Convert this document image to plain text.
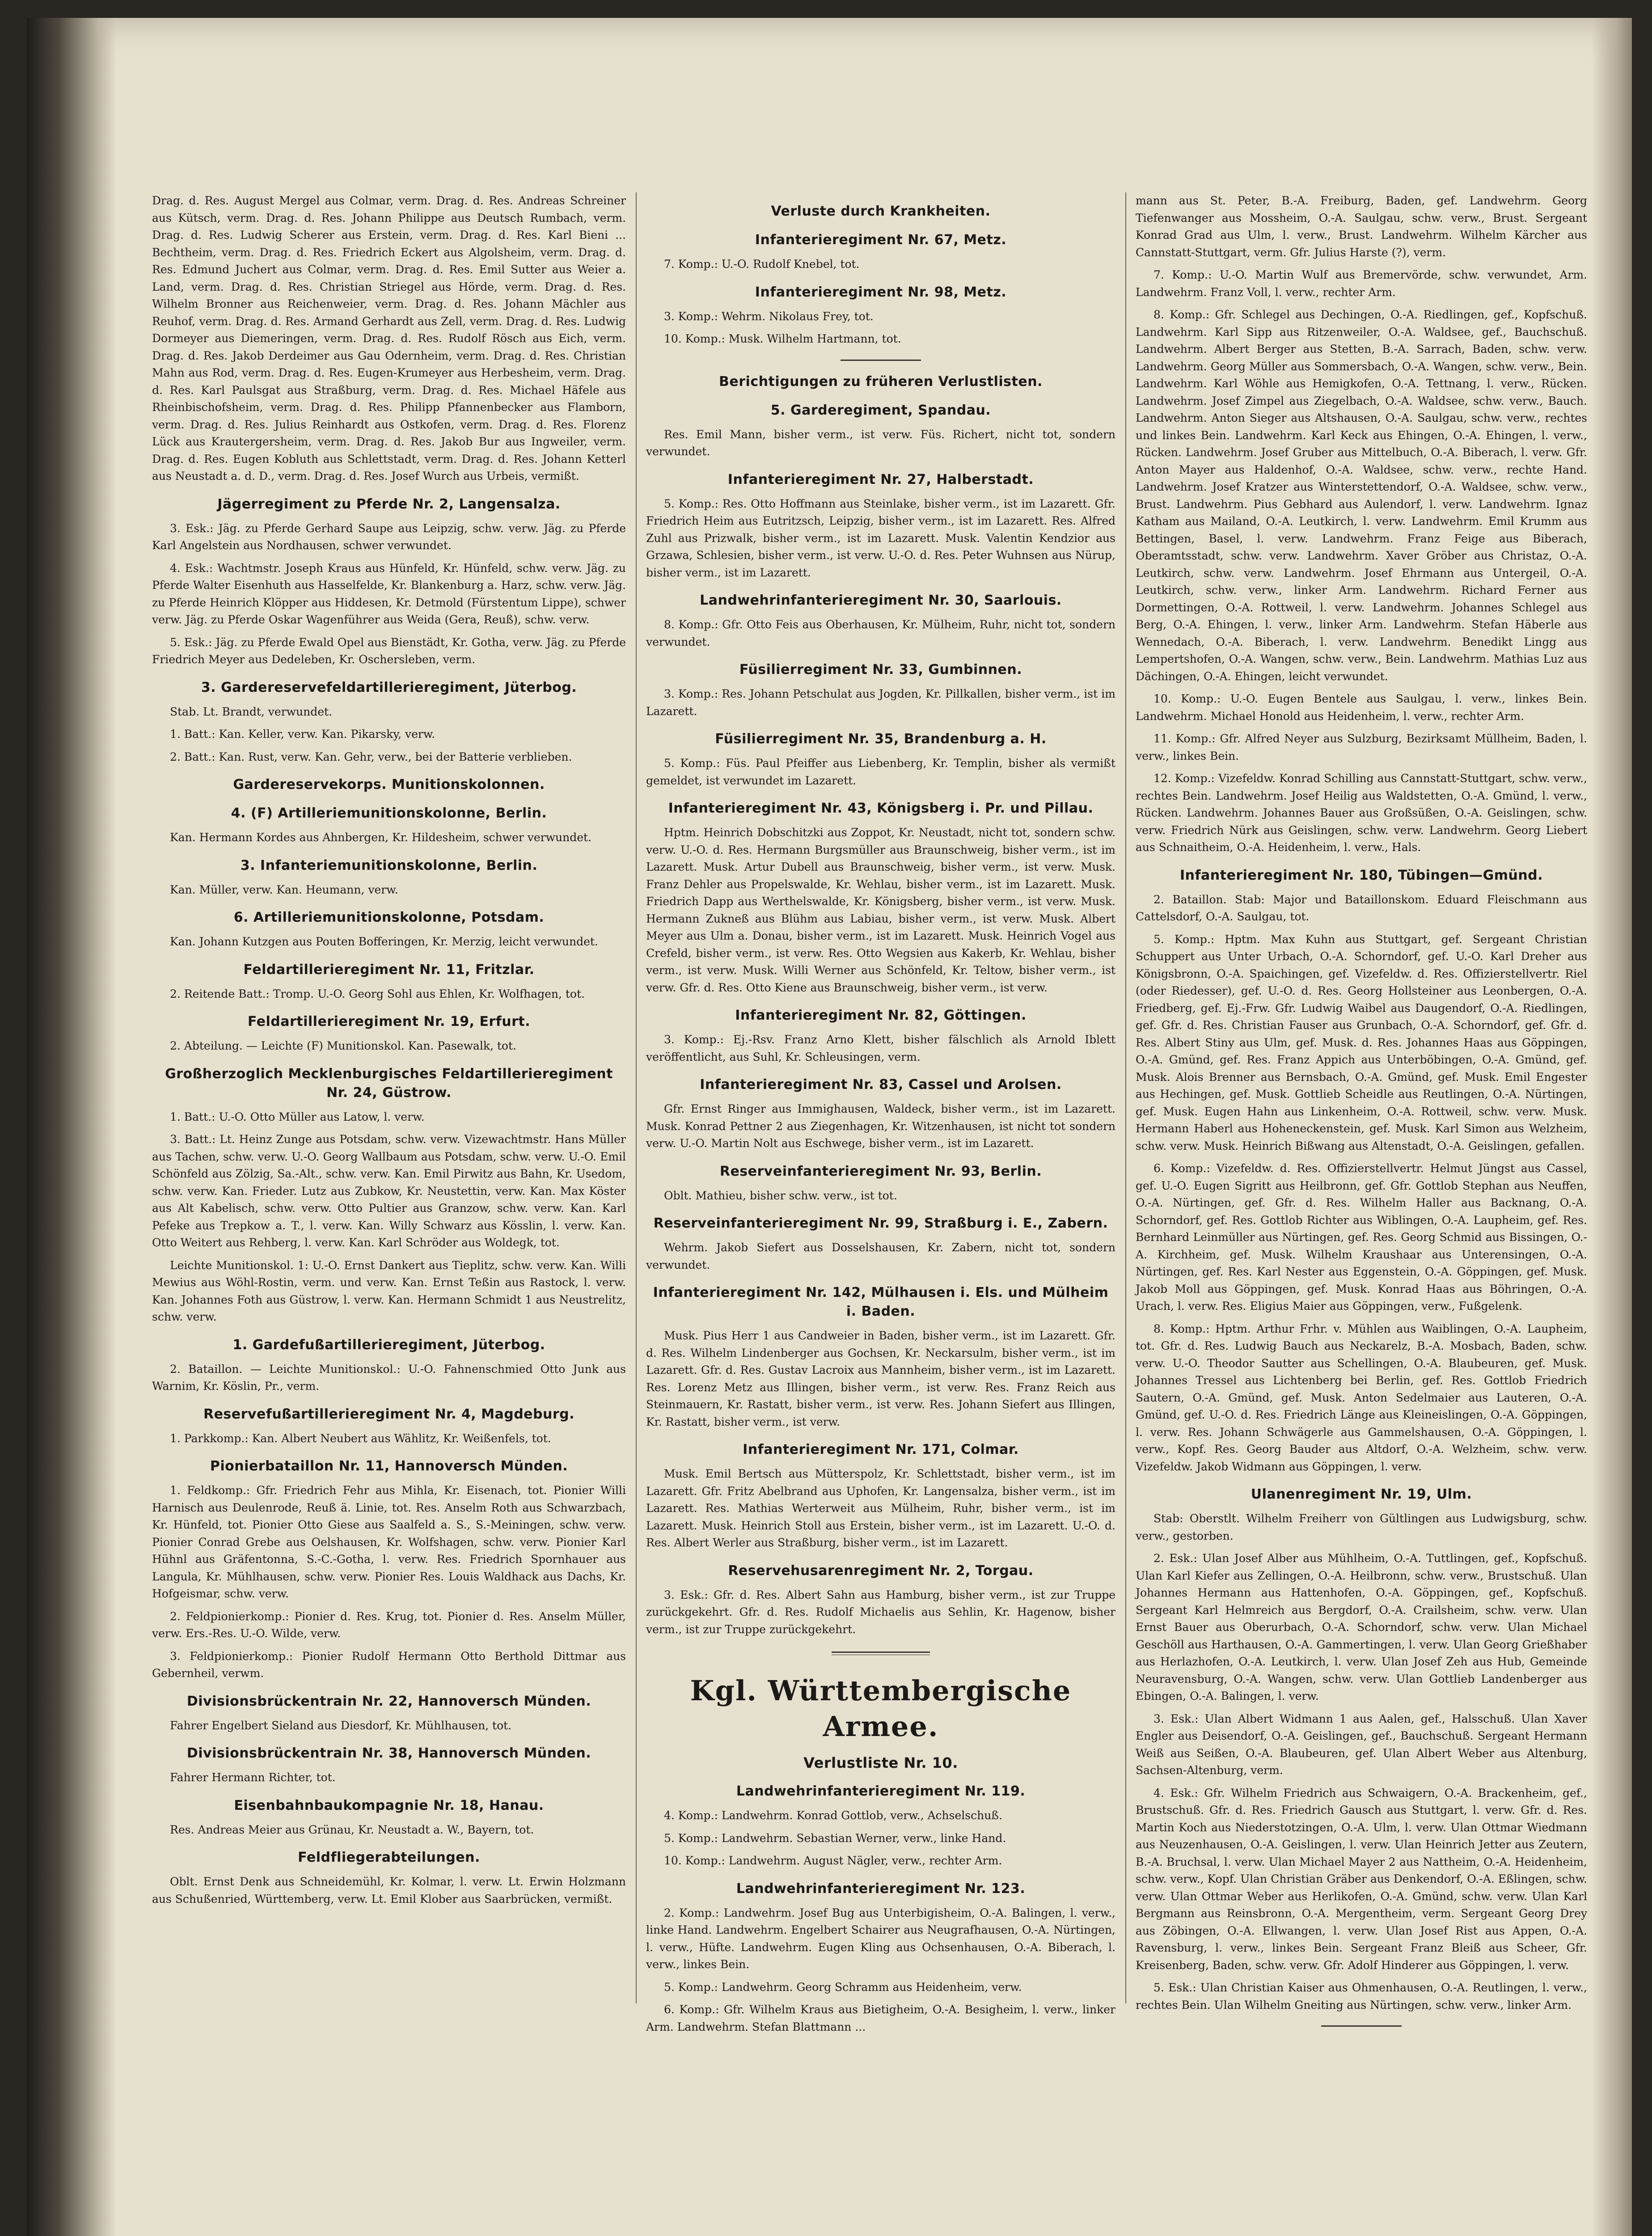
Drag. d. Res. August Mergel aus Colmar, verm. Drag. d. Res. Andreas Schreiner aus Kütsch, verm. Drag. d. Res. Johann Philippe aus Deutsch Rumbach, verm. Drag. d. Res. Ludwig Scherer aus Erstein, verm. Drag. d. Res. Karl Bieni ... Bechtheim, verm. Drag. d. Res. Friedrich Eckert aus Algolsheim, verm. Drag. d. Res. Edmund Juchert aus Colmar, verm. Drag. d. Res. Emil Sutter aus Weier a. Land, verm. Drag. d. Res. Christian Striegel aus Hörde, verm. Drag. d. Res. Wilhelm Bronner aus Reichenweier, verm. Drag. d. Res. Johann Mächler aus Reuhof, verm. Drag. d. Res. Armand Gerhardt aus Zell, verm. Drag. d. Res. Ludwig Dormeyer aus Diemeringen, verm. Drag. d. Res. Rudolf Rösch aus Eich, verm. Drag. d. Res. Jakob Derdeimer aus Gau Odernheim, verm. Drag. d. Res. Christian Mahn aus Rod, verm. Drag. d. Res. Eugen-Krumeyer aus Herbesheim, verm. Drag. d. Res. Karl Paulsgat aus Straßburg, verm. Drag. d. Res. Michael Häfele aus Rheinbischofsheim, verm. Drag. d. Res. Philipp Pfannenbecker aus Flamborn, verm. Drag. d. Res. Julius Reinhardt aus Ostkofen, verm. Drag. d. Res. Florenz Lück aus Krautergersheim, verm. Drag. d. Res. Jakob Bur aus Ingweiler, verm. Drag. d. Res. Eugen Kobluth aus Schlettstadt, verm. Drag. d. Res. Johann Ketterl aus Neustadt a. d. D., verm. Drag. d. Res. Josef Wurch aus Urbeis, vermißt.

Jägerregiment zu Pferde Nr. 2, Langensalza.

3. Esk.: Jäg. zu Pferde Gerhard Saupe aus Leipzig, schw. verw. Jäg. zu Pferde Karl Angelstein aus Nordhausen, schwer verwundet.

4. Esk.: Wachtmstr. Joseph Kraus aus Hünfeld, Kr. Hünfeld, schw. verw. Jäg. zu Pferde Walter Eisenhuth aus Hasselfelde, Kr. Blankenburg a. Harz, schw. verw. Jäg. zu Pferde Heinrich Klöpper aus Hiddesen, Kr. Detmold (Fürstentum Lippe), schwer verw. Jäg. zu Pferde Oskar Wagenführer aus Weida (Gera, Reuß), schw. verw.

5. Esk.: Jäg. zu Pferde Ewald Opel aus Bienstädt, Kr. Gotha, verw. Jäg. zu Pferde Friedrich Meyer aus Dedeleben, Kr. Oschersleben, verm.

3. Gardereservefeldartillerieregiment, Jüterbog.

Stab. Lt. Brandt, verwundet.

1. Batt.: Kan. Keller, verw. Kan. Pikarsky, verw.

2. Batt.: Kan. Rust, verw. Kan. Gehr, verw., bei der Batterie verblieben.

Gardereservekorps. Munitionskolonnen.
4. (F) Artilleriemunitionskolonne, Berlin.

Kan. Hermann Kordes aus Ahnbergen, Kr. Hildesheim, schwer verwundet.

3. Infanteriemunitionskolonne, Berlin.

Kan. Müller, verw. Kan. Heumann, verw.

6. Artilleriemunitionskolonne, Potsdam.

Kan. Johann Kutzgen aus Pouten Bofferingen, Kr. Merzig, leicht verwundet.

Feldartillerieregiment Nr. 11, Fritzlar.

2. Reitende Batt.: Tromp. U.-O. Georg Sohl aus Ehlen, Kr. Wolfhagen, tot.

Feldartillerieregiment Nr. 19, Erfurt.

2. Abteilung. — Leichte (F) Munitionskol. Kan. Pasewalk, tot.

Großherzoglich Mecklenburgisches Feldartillerieregiment Nr. 24, Güstrow.

1. Batt.: U.-O. Otto Müller aus Latow, l. verw.

3. Batt.: Lt. Heinz Zunge aus Potsdam, schw. verw. Vizewachtmstr. Hans Müller aus Tachen, schw. verw. U.-O. Georg Wallbaum aus Potsdam, schw. verw. U.-O. Emil Schönfeld aus Zölzig, Sa.-Alt., schw. verw. Kan. Emil Pirwitz aus Bahn, Kr. Usedom, schw. verw. Kan. Frieder. Lutz aus Zubkow, Kr. Neustettin, verw. Kan. Max Köster aus Alt Kabelisch, schw. verw. Otto Pultier aus Granzow, schw. verw. Kan. Karl Pefeke aus Trepkow a. T., l. verw. Kan. Willy Schwarz aus Kösslin, l. verw. Kan. Otto Weitert aus Rehberg, l. verw. Kan. Karl Schröder aus Woldegk, tot.

Leichte Munitionskol. 1: U.-O. Ernst Dankert aus Tieplitz, schw. verw. Kan. Willi Mewius aus Wöhl-Rostin, verm. und verw. Kan. Ernst Teßin aus Rastock, l. verw. Kan. Johannes Foth aus Güstrow, l. verw. Kan. Hermann Schmidt 1 aus Neustrelitz, schw. verw.

1. Gardefußartillerieregiment, Jüterbog.

2. Bataillon. — Leichte Munitionskol.: U.-O. Fahnenschmied Otto Junk aus Warnim, Kr. Köslin, Pr., verm.

Reservefußartillerieregiment Nr. 4, Magdeburg.

1. Parkkomp.: Kan. Albert Neubert aus Wählitz, Kr. Weißenfels, tot.

Pionierbataillon Nr. 11, Hannoversch Münden.

1. Feldkomp.: Gfr. Friedrich Fehr aus Mihla, Kr. Eisenach, tot. Pionier Willi Harnisch aus Deulenrode, Reuß ä. Linie, tot. Res. Anselm Roth aus Schwarzbach, Kr. Hünfeld, tot. Pionier Otto Giese aus Saalfeld a. S., S.-Meiningen, schw. verw. Pionier Conrad Grebe aus Oelshausen, Kr. Wolfshagen, schw. verw. Pionier Karl Hühnl aus Gräfentonna, S.-C.-Gotha, l. verw. Res. Friedrich Spornhauer aus Langula, Kr. Mühlhausen, schw. verw. Pionier Res. Louis Waldhack aus Dachs, Kr. Hofgeismar, schw. verw.

2. Feldpionierkomp.: Pionier d. Res. Krug, tot. Pionier d. Res. Anselm Müller, verw. Ers.-Res. U.-O. Wilde, verw.

3. Feldpionierkomp.: Pionier Rudolf Hermann Otto Berthold Dittmar aus Gebernheil, verwm.

Divisionsbrückentrain Nr. 22, Hannoversch Münden.

Fahrer Engelbert Sieland aus Diesdorf, Kr. Mühlhausen, tot.

Divisionsbrückentrain Nr. 38, Hannoversch Münden.

Fahrer Hermann Richter, tot.

Eisenbahnbaukompagnie Nr. 18, Hanau.

Res. Andreas Meier aus Grünau, Kr. Neustadt a. W., Bayern, tot.

Feldfliegerabteilungen.

Oblt. Ernst Denk aus Schneidemühl, Kr. Kolmar, l. verw. Lt. Erwin Holzmann aus Schußenried, Württemberg, verw. Lt. Emil Klober aus Saarbrücken, vermißt.

Verluste durch Krankheiten.
Infanterieregiment Nr. 67, Metz.

7. Komp.: U.-O. Rudolf Knebel, tot.

Infanterieregiment Nr. 98, Metz.

3. Komp.: Wehrm. Nikolaus Frey, tot.

10. Komp.: Musk. Wilhelm Hartmann, tot.

Berichtigungen zu früheren Verlustlisten.
5. Garderegiment, Spandau.

Res. Emil Mann, bisher verm., ist verw. Füs. Richert, nicht tot, sondern verwundet.

Infanterieregiment Nr. 27, Halberstadt.

5. Komp.: Res. Otto Hoffmann aus Steinlake, bisher verm., ist im Lazarett. Gfr. Friedrich Heim aus Eutritzsch, Leipzig, bisher verm., ist im Lazarett. Res. Alfred Zuhl aus Prizwalk, bisher verm., ist im Lazarett. Musk. Valentin Kendzior aus Grzawa, Schlesien, bisher verm., ist verw. U.-O. d. Res. Peter Wuhnsen aus Nürup, bisher verm., ist im Lazarett.

Landwehrinfanterieregiment Nr. 30, Saarlouis.

8. Komp.: Gfr. Otto Feis aus Oberhausen, Kr. Mülheim, Ruhr, nicht tot, sondern verwundet.

Füsilierregiment Nr. 33, Gumbinnen.

3. Komp.: Res. Johann Petschulat aus Jogden, Kr. Pillkallen, bisher verm., ist im Lazarett.

Füsilierregiment Nr. 35, Brandenburg a. H.

5. Komp.: Füs. Paul Pfeiffer aus Liebenberg, Kr. Templin, bisher als vermißt gemeldet, ist verwundet im Lazarett.

Infanterieregiment Nr. 43, Königsberg i. Pr. und Pillau.

Hptm. Heinrich Dobschitzki aus Zoppot, Kr. Neustadt, nicht tot, sondern schw. verw. U.-O. d. Res. Hermann Burgsmüller aus Braunschweig, bisher verm., ist im Lazarett. Musk. Artur Dubell aus Braunschweig, bisher verm., ist verw. Musk. Franz Dehler aus Propelswalde, Kr. Wehlau, bisher verm., ist im Lazarett. Musk. Friedrich Dapp aus Werthelswalde, Kr. Königsberg, bisher verm., ist verw. Musk. Hermann Zukneß aus Blühm aus Labiau, bisher verm., ist verw. Musk. Albert Meyer aus Ulm a. Donau, bisher verm., ist im Lazarett. Musk. Heinrich Vogel aus Crefeld, bisher verm., ist verw. Res. Otto Wegsien aus Kakerb, Kr. Wehlau, bisher verm., ist verw. Musk. Willi Werner aus Schönfeld, Kr. Teltow, bisher verm., ist verw. Gfr. d. Res. Otto Kiene aus Braunschweig, bisher verm., ist verw.

Infanterieregiment Nr. 82, Göttingen.

3. Komp.: Ej.-Rsv. Franz Arno Klett, bisher fälschlich als Arnold Iblett veröffentlicht, aus Suhl, Kr. Schleusingen, verm.

Infanterieregiment Nr. 83, Cassel und Arolsen.

Gfr. Ernst Ringer aus Immighausen, Waldeck, bisher verm., ist im Lazarett. Musk. Konrad Pettner 2 aus Ziegenhagen, Kr. Witzenhausen, ist nicht tot sondern verw. U.-O. Martin Nolt aus Eschwege, bisher verm., ist im Lazarett.

Reserveinfanterieregiment Nr. 93, Berlin.

Oblt. Mathieu, bisher schw. verw., ist tot.

Reserveinfanterieregiment Nr. 99, Straßburg i. E., Zabern.

Wehrm. Jakob Siefert aus Dosselshausen, Kr. Zabern, nicht tot, sondern verwundet.

Infanterieregiment Nr. 142, Mülhausen i. Els. und Mülheim i. Baden.

Musk. Pius Herr 1 aus Candweier in Baden, bisher verm., ist im Lazarett. Gfr. d. Res. Wilhelm Lindenberger aus Gochsen, Kr. Neckarsulm, bisher verm., ist im Lazarett. Gfr. d. Res. Gustav Lacroix aus Mannheim, bisher verm., ist im Lazarett. Res. Lorenz Metz aus Illingen, bisher verm., ist verw. Res. Franz Reich aus Steinmauern, Kr. Rastatt, bisher verm., ist verw. Res. Johann Siefert aus Illingen, Kr. Rastatt, bisher verm., ist verw.

Infanterieregiment Nr. 171, Colmar.

Musk. Emil Bertsch aus Mütterspolz, Kr. Schlettstadt, bisher verm., ist im Lazarett. Gfr. Fritz Abelbrand aus Uphofen, Kr. Langensalza, bisher verm., ist im Lazarett. Res. Mathias Werterweit aus Mülheim, Ruhr, bisher verm., ist im Lazarett. Musk. Heinrich Stoll aus Erstein, bisher verm., ist im Lazarett. U.-O. d. Res. Albert Werler aus Straßburg, bisher verm., ist im Lazarett.

Reservehusarenregiment Nr. 2, Torgau.

3. Esk.: Gfr. d. Res. Albert Sahn aus Hamburg, bisher verm., ist zur Truppe zurückgekehrt. Gfr. d. Res. Rudolf Michaelis aus Sehlin, Kr. Hagenow, bisher verm., ist zur Truppe zurückgekehrt.

Kgl. Württembergische Armee.
Verlustliste Nr. 10.
Landwehrinfanterieregiment Nr. 119.

4. Komp.: Landwehrm. Konrad Gottlob, verw., Achselschuß.

5. Komp.: Landwehrm. Sebastian Werner, verw., linke Hand.

10. Komp.: Landwehrm. August Nägler, verw., rechter Arm.

Landwehrinfanterieregiment Nr. 123.

2. Komp.: Landwehrm. Josef Bug aus Unterbigisheim, O.-A. Balingen, l. verw., linke Hand. Landwehrm. Engelbert Schairer aus Neugrafhausen, O.-A. Nürtingen, l. verw., Hüfte. Landwehrm. Eugen Kling aus Ochsenhausen, O.-A. Biberach, l. verw., linkes Bein.

5. Komp.: Landwehrm. Georg Schramm aus Heidenheim, verw.

6. Komp.: Gfr. Wilhelm Kraus aus Bietigheim, O.-A. Besigheim, l. verw., linker Arm. Landwehrm. Stefan Blattmann ...

mann aus St. Peter, B.-A. Freiburg, Baden, gef. Landwehrm. Georg Tiefenwanger aus Mossheim, O.-A. Saulgau, schw. verw., Brust. Sergeant Konrad Grad aus Ulm, l. verw., Brust. Landwehrm. Wilhelm Kärcher aus Cannstatt-Stuttgart, verm. Gfr. Julius Harste (?), verm.

7. Komp.: U.-O. Martin Wulf aus Bremervörde, schw. verwundet, Arm. Landwehrm. Franz Voll, l. verw., rechter Arm.

8. Komp.: Gfr. Schlegel aus Dechingen, O.-A. Riedlingen, gef., Kopfschuß. Landwehrm. Karl Sipp aus Ritzenweiler, O.-A. Waldsee, gef., Bauchschuß. Landwehrm. Albert Berger aus Stetten, B.-A. Sarrach, Baden, schw. verw. Landwehrm. Georg Müller aus Sommersbach, O.-A. Wangen, schw. verw., Bein. Landwehrm. Karl Wöhle aus Hemigkofen, O.-A. Tettnang, l. verw., Rücken. Landwehrm. Josef Zimpel aus Ziegelbach, O.-A. Waldsee, schw. verw., Bauch. Landwehrm. Anton Sieger aus Altshausen, O.-A. Saulgau, schw. verw., rechtes und linkes Bein. Landwehrm. Karl Keck aus Ehingen, O.-A. Ehingen, l. verw., Rücken. Landwehrm. Josef Gruber aus Mittelbuch, O.-A. Biberach, l. verw. Gfr. Anton Mayer aus Haldenhof, O.-A. Waldsee, schw. verw., rechte Hand. Landwehrm. Josef Kratzer aus Winterstettendorf, O.-A. Waldsee, schw. verw., Brust. Landwehrm. Pius Gebhard aus Aulendorf, l. verw. Landwehrm. Ignaz Katham aus Mailand, O.-A. Leutkirch, l. verw. Landwehrm. Emil Krumm aus Bettingen, Basel, l. verw. Landwehrm. Franz Feige aus Biberach, Oberamtsstadt, schw. verw. Landwehrm. Xaver Gröber aus Christaz, O.-A. Leutkirch, schw. verw. Landwehrm. Josef Ehrmann aus Untergeil, O.-A. Leutkirch, schw. verw., linker Arm. Landwehrm. Richard Ferner aus Dormettingen, O.-A. Rottweil, l. verw. Landwehrm. Johannes Schlegel aus Berg, O.-A. Ehingen, l. verw., linker Arm. Landwehrm. Stefan Häberle aus Wennedach, O.-A. Biberach, l. verw. Landwehrm. Benedikt Lingg aus Lempertshofen, O.-A. Wangen, schw. verw., Bein. Landwehrm. Mathias Luz aus Dächingen, O.-A. Ehingen, leicht verwundet.

10. Komp.: U.-O. Eugen Bentele aus Saulgau, l. verw., linkes Bein. Landwehrm. Michael Honold aus Heidenheim, l. verw., rechter Arm.

11. Komp.: Gfr. Alfred Neyer aus Sulzburg, Bezirksamt Müllheim, Baden, l. verw., linkes Bein.

12. Komp.: Vizefeldw. Konrad Schilling aus Cannstatt-Stuttgart, schw. verw., rechtes Bein. Landwehrm. Josef Heilig aus Waldstetten, O.-A. Gmünd, l. verw., Rücken. Landwehrm. Johannes Bauer aus Großsüßen, O.-A. Geislingen, schw. verw. Friedrich Nürk aus Geislingen, schw. verw. Landwehrm. Georg Liebert aus Schnaitheim, O.-A. Heidenheim, l. verw., Hals.

Infanterieregiment Nr. 180, Tübingen—Gmünd.

2. Bataillon. Stab: Major und Bataillonskom. Eduard Fleischmann aus Cattelsdorf, O.-A. Saulgau, tot.

5. Komp.: Hptm. Max Kuhn aus Stuttgart, gef. Sergeant Christian Schuppert aus Unter Urbach, O.-A. Schorndorf, gef. U.-O. Karl Dreher aus Königsbronn, O.-A. Spaichingen, gef. Vizefeldw. d. Res. Offizierstellvertr. Riel (oder Riedesser), gef. U.-O. d. Res. Georg Hollsteiner aus Leonbergen, O.-A. Friedberg, gef. Ej.-Frw. Gfr. Ludwig Waibel aus Daugendorf, O.-A. Riedlingen, gef. Gfr. d. Res. Christian Fauser aus Grunbach, O.-A. Schorndorf, gef. Gfr. d. Res. Albert Stiny aus Ulm, gef. Musk. d. Res. Johannes Haas aus Göppingen, O.-A. Gmünd, gef. Res. Franz Appich aus Unterböbingen, O.-A. Gmünd, gef. Musk. Alois Brenner aus Bernsbach, O.-A. Gmünd, gef. Musk. Emil Engester aus Hechingen, gef. Musk. Gottlieb Scheidle aus Reutlingen, O.-A. Nürtingen, gef. Musk. Eugen Hahn aus Linkenheim, O.-A. Rottweil, schw. verw. Musk. Hermann Haberl aus Hoheneckenstein, gef. Musk. Karl Simon aus Welzheim, schw. verw. Musk. Heinrich Bißwang aus Altenstadt, O.-A. Geislingen, gefallen.

6. Komp.: Vizefeldw. d. Res. Offizierstellvertr. Helmut Jüngst aus Cassel, gef. U.-O. Eugen Sigritt aus Heilbronn, gef. Gfr. Gottlob Stephan aus Neuffen, O.-A. Nürtingen, gef. Gfr. d. Res. Wilhelm Haller aus Backnang, O.-A. Schorndorf, gef. Res. Gottlob Richter aus Wiblingen, O.-A. Laupheim, gef. Res. Bernhard Leinmüller aus Nürtingen, gef. Res. Georg Schmid aus Bissingen, O.-A. Kirchheim, gef. Musk. Wilhelm Kraushaar aus Unterensingen, O.-A. Nürtingen, gef. Res. Karl Nester aus Eggenstein, O.-A. Göppingen, gef. Musk. Jakob Moll aus Göppingen, gef. Musk. Konrad Haas aus Böhringen, O.-A. Urach, l. verw. Res. Eligius Maier aus Göppingen, verw., Fußgelenk.

8. Komp.: Hptm. Arthur Frhr. v. Mühlen aus Waiblingen, O.-A. Laupheim, tot. Gfr. d. Res. Ludwig Bauch aus Neckarelz, B.-A. Mosbach, Baden, schw. verw. U.-O. Theodor Sautter aus Schellingen, O.-A. Blaubeuren, gef. Musk. Johannes Tressel aus Lichtenberg bei Berlin, gef. Res. Gottlob Friedrich Sautern, O.-A. Gmünd, gef. Musk. Anton Sedelmaier aus Lauteren, O.-A. Gmünd, gef. U.-O. d. Res. Friedrich Länge aus Kleineislingen, O.-A. Göppingen, l. verw. Res. Johann Schwägerle aus Gammelshausen, O.-A. Göppingen, l. verw., Kopf. Res. Georg Bauder aus Altdorf, O.-A. Welzheim, schw. verw. Vizefeldw. Jakob Widmann aus Göppingen, l. verw.

Ulanenregiment Nr. 19, Ulm.

Stab: Oberstlt. Wilhelm Freiherr von Gültlingen aus Ludwigsburg, schw. verw., gestorben.

2. Esk.: Ulan Josef Alber aus Mühlheim, O.-A. Tuttlingen, gef., Kopfschuß. Ulan Karl Kiefer aus Zellingen, O.-A. Heilbronn, schw. verw., Brustschuß. Ulan Johannes Hermann aus Hattenhofen, O.-A. Göppingen, gef., Kopfschuß. Sergeant Karl Helmreich aus Bergdorf, O.-A. Crailsheim, schw. verw. Ulan Ernst Bauer aus Oberurbach, O.-A. Schorndorf, schw. verw. Ulan Michael Geschöll aus Harthausen, O.-A. Gammertingen, l. verw. Ulan Georg Grießhaber aus Herlazhofen, O.-A. Leutkirch, l. verw. Ulan Josef Zeh aus Hub, Gemeinde Neuravensburg, O.-A. Wangen, schw. verw. Ulan Gottlieb Landenberger aus Ebingen, O.-A. Balingen, l. verw.

3. Esk.: Ulan Albert Widmann 1 aus Aalen, gef., Halsschuß. Ulan Xaver Engler aus Deisendorf, O.-A. Geislingen, gef., Bauchschuß. Sergeant Hermann Weiß aus Seißen, O.-A. Blaubeuren, gef. Ulan Albert Weber aus Altenburg, Sachsen-Altenburg, verm.

4. Esk.: Gfr. Wilhelm Friedrich aus Schwaigern, O.-A. Brackenheim, gef., Brustschuß. Gfr. d. Res. Friedrich Gausch aus Stuttgart, l. verw. Gfr. d. Res. Martin Koch aus Niederstotzingen, O.-A. Ulm, l. verw. Ulan Ottmar Wiedmann aus Neuzenhausen, O.-A. Geislingen, l. verw. Ulan Heinrich Jetter aus Zeutern, B.-A. Bruchsal, l. verw. Ulan Michael Mayer 2 aus Nattheim, O.-A. Heidenheim, schw. verw., Kopf. Ulan Christian Gräber aus Denkendorf, O.-A. Eßlingen, schw. verw. Ulan Ottmar Weber aus Herlikofen, O.-A. Gmünd, schw. verw. Ulan Karl Bergmann aus Reinsbronn, O.-A. Mergentheim, verm. Sergeant Georg Drey aus Zöbingen, O.-A. Ellwangen, l. verw. Ulan Josef Rist aus Appen, O.-A. Ravensburg, l. verw., linkes Bein. Sergeant Franz Bleiß aus Scheer, Gfr. Kreisenberg, Baden, schw. verw. Gfr. Adolf Hinderer aus Göppingen, l. verw.

5. Esk.: Ulan Christian Kaiser aus Ohmenhausen, O.-A. Reutlingen, l. verw., rechtes Bein. Ulan Wilhelm Gneiting aus Nürtingen, schw. verw., linker Arm.
